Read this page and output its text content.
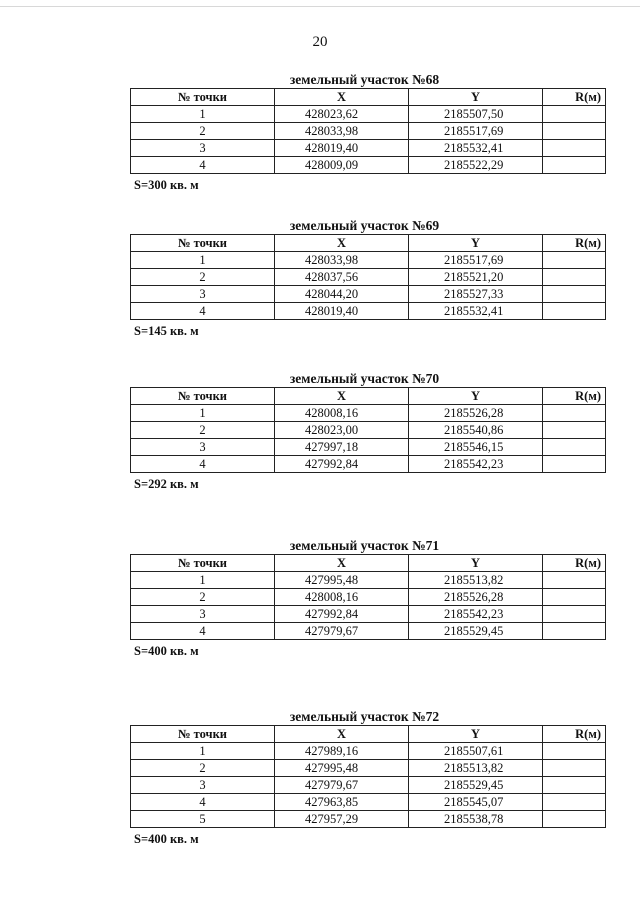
20
земельный участок №68
№ точки	X	Y	R(м)
1	428023,62	2185507,50	
2	428033,98	2185517,69	
3	428019,40	2185532,41	
4	428009,09	2185522,29	
S=300 кв. м
земельный участок №69
№ точки	X	Y	R(м)
1	428033,98	2185517,69	
2	428037,56	2185521,20	
3	428044,20	2185527,33	
4	428019,40	2185532,41	
S=145 кв. м
земельный участок №70
№ точки	X	Y	R(м)
1	428008,16	2185526,28	
2	428023,00	2185540,86	
3	427997,18	2185546,15	
4	427992,84	2185542,23	
S=292 кв. м
земельный участок №71
№ точки	X	Y	R(м)
1	427995,48	2185513,82	
2	428008,16	2185526,28	
3	427992,84	2185542,23	
4	427979,67	2185529,45	
S=400 кв. м
земельный участок №72
№ точки	X	Y	R(м)
1	427989,16	2185507,61	
2	427995,48	2185513,82	
3	427979,67	2185529,45	
4	427963,85	2185545,07	
5	427957,29	2185538,78	
S=400 кв. м
